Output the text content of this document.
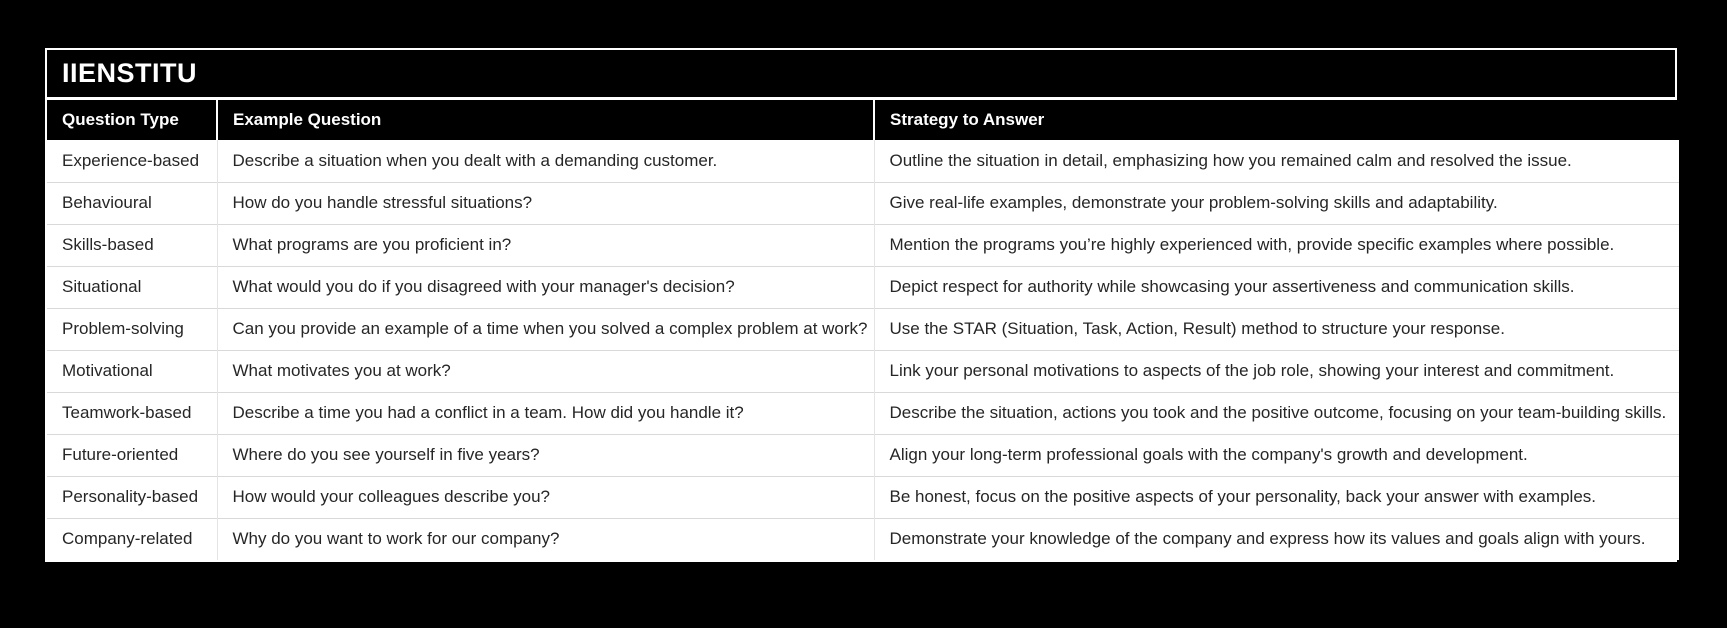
IIENSTITU
Question Type	Example Question	Strategy to Answer
Experience-based	Describe a situation when you dealt with a demanding customer.	Outline the situation in detail, emphasizing how you remained calm and resolved the issue.
Behavioural	How do you handle stressful situations?	Give real-life examples, demonstrate your problem-solving skills and adaptability.
Skills-based	What programs are you proficient in?	Mention the programs you’re highly experienced with, provide specific examples where possible.
Situational	What would you do if you disagreed with your manager's decision?	Depict respect for authority while showcasing your assertiveness and communication skills.
Problem-solving	Can you provide an example of a time when you solved a complex problem at work?	Use the STAR (Situation, Task, Action, Result) method to structure your response.
Motivational	What motivates you at work?	Link your personal motivations to aspects of the job role, showing your interest and commitment.
Teamwork-based	Describe a time you had a conflict in a team. How did you handle it?	Describe the situation, actions you took and the positive outcome, focusing on your team-building skills.
Future-oriented	Where do you see yourself in five years?	Align your long-term professional goals with the company's growth and development.
Personality-based	How would your colleagues describe you?	Be honest, focus on the positive aspects of your personality, back your answer with examples.
Company-related	Why do you want to work for our company?	Demonstrate your knowledge of the company and express how its values and goals align with yours.
